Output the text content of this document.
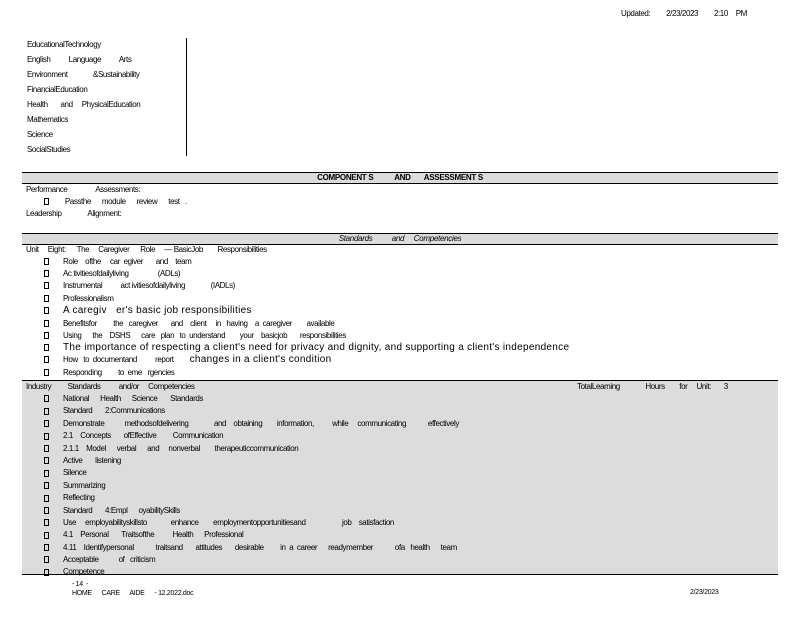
Updated: 2/23/2023 2:10 PM
EducationalTechnology
English          Language          Arts
Environment              &Sustainability
FinancialEducation
Health       and     PhysicalEducation
Mathematics
Science
SocialStudies
COMPONENT S           AND       ASSESSMENT S
Performance	Assessments:
Passthe      module      review      test   .
Leadership	Alignment:
Standards          and     Competencies
Unit     Eight:      The     Caregiver      Role     — BasicJob        Responsibilities
Role    ofthe     car  egiver       and    team
Ac tivitiesofdailyliving                (ADLs)
Instrumental          act ivitiesofdailyliving              (IADLs)
Professionalism
A caregiv   er's basic job responsibilities
Benefitsfor         the   caregiver       and    client     in   having    a  caregiver        available
Using      the    DSHS      care   plan   to  understand        your    basicjob       responsibilities
The importance of respecting a client's need for privacy and dignity, and supporting a client's independence
How   to  documentand          report changes in a client's condition
Responding         to  eme   rgencies
Industry         Standards          and/or     Competencies	TotalLearning              Hours        for     Unit:       3
National      Health      Science       Standards
Standard       2:Communications
Demonstrate           methodsofdelivering              and    obtaining        information,          while     communicating            effectively
2.1    Concepts       ofEffective         Communication
2.1.1    Model      verbal      and     nonverbal        therapeuticcommunication
Active       listening
Silence
Summarizing
Reflecting
Standard       4:Empl      oyabilitySkills
Use     employabilityskillsto             enhance        employmentopportunitiesand                    job    satisfaction
4.1    Personal       Traitsofthe          Health      Professional
4.11    Identifypersonal            traitsand       attitudes       desirable         in  a  career      readymember            ofa   health      team
Acceptable           of   criticism
Competence
- 14  -
HOME      CARE      AIDE      - 12.2022.doc	2/23/2023
